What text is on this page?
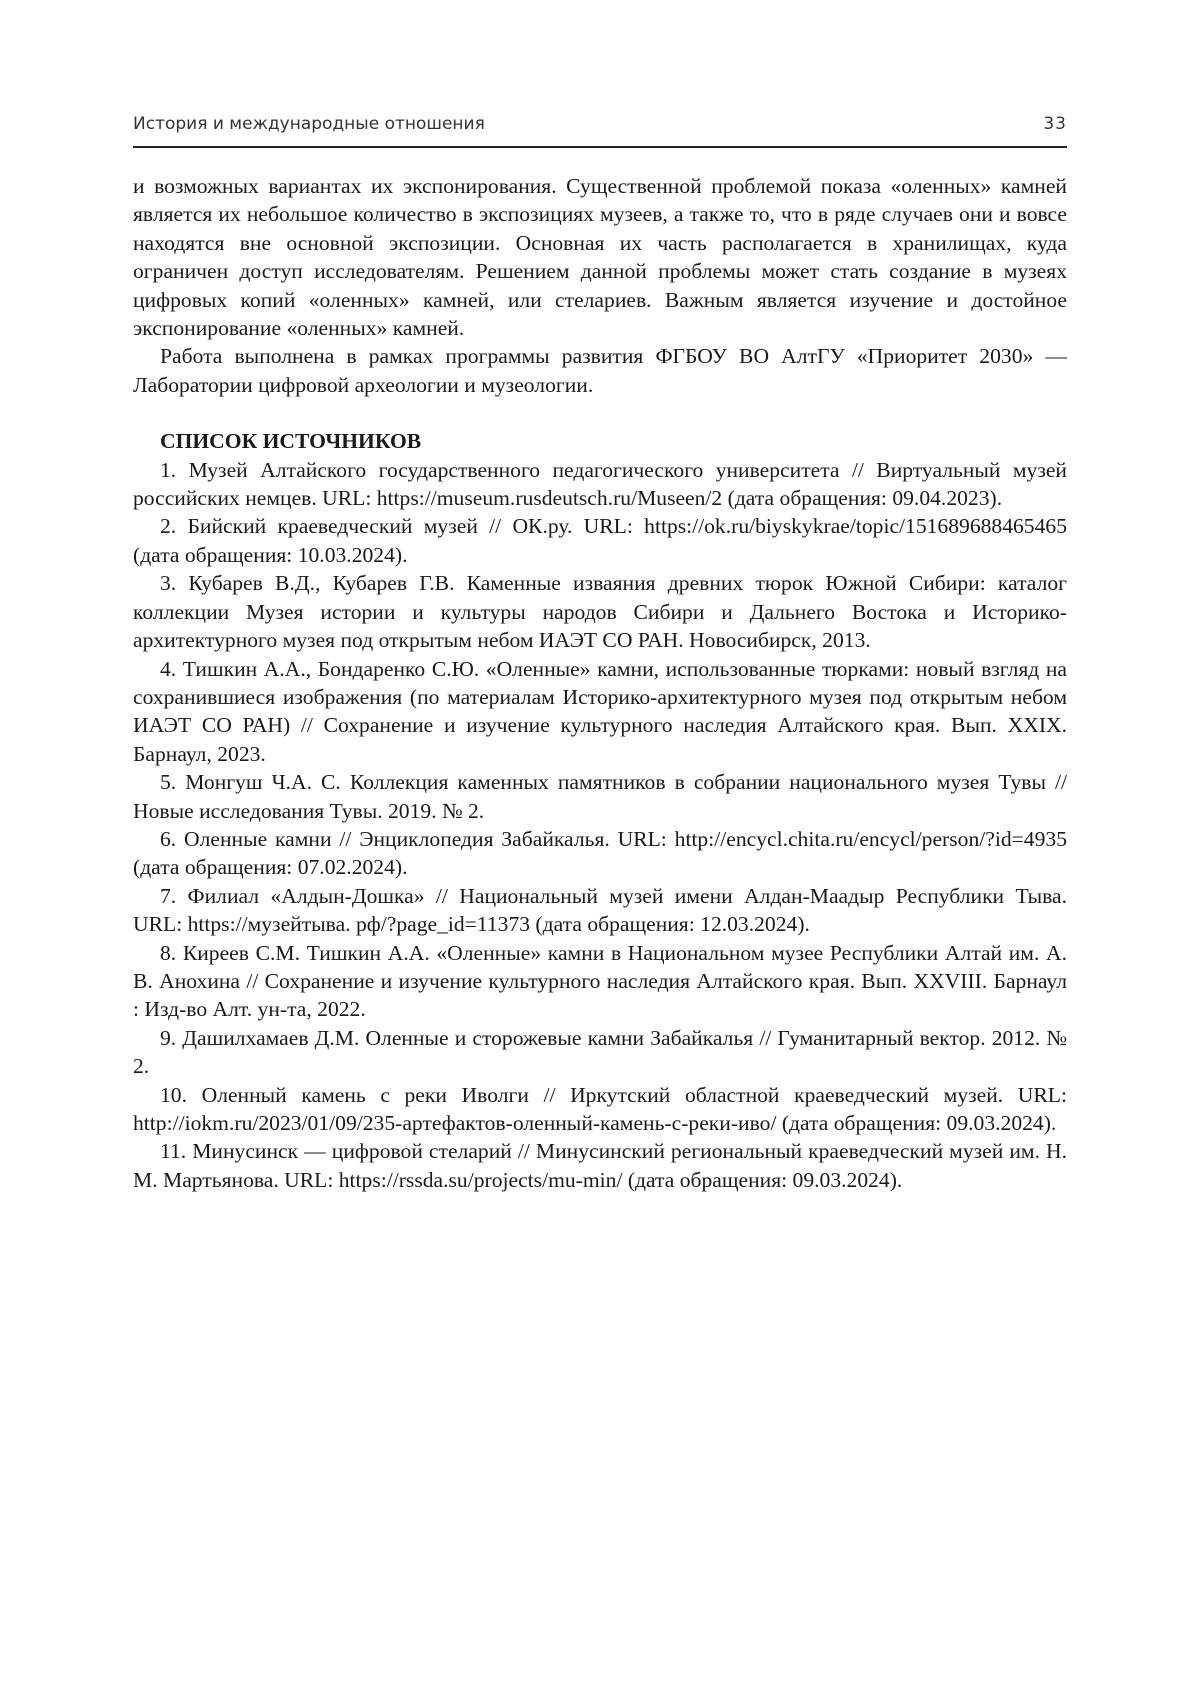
История и международные отношения	33

и возможных вариантах их экспонирования. Существенной проблемой показа «оленных» камней является их небольшое количество в экспозициях музеев, а также то, что в ряде случаев они и вовсе находятся вне основной экспозиции. Основная их часть располагается в хранилищах, куда ограничен доступ исследователям. Решением данной проблемы может стать создание в музеях цифровых копий «оленных» камней, или стелариев. Важным является изучение и достойное экспонирование «оленных» камней.

Работа выполнена в рамках программы развития ФГБОУ ВО АлтГУ «Приоритет 2030» — Лаборатории цифровой археологии и музеологии.

СПИСОК ИСТОЧНИКОВ

1. Музей Алтайского государственного педагогического университета // Виртуальный музей российских немцев. URL: https://museum.rusdeutsch.ru/Museen/2 (дата обращения: 09.04.2023).

2. Бийский краеведческий музей // ОК.ру. URL: https://ok.ru/biyskykrae/topic/151689688465465 (дата обращения: 10.03.2024).

3. Кубарев В.Д., Кубарев Г.В. Каменные изваяния древних тюрок Южной Сибири: каталог коллекции Музея истории и культуры народов Сибири и Дальнего Востока и Историко-архитектурного музея под открытым небом ИАЭТ СО РАН. Новосибирск, 2013.

4. Тишкин А.А., Бондаренко С.Ю. «Оленные» камни, использованные тюрками: новый взгляд на сохранившиеся изображения (по материалам Историко-архитектурного музея под открытым небом ИАЭТ СО РАН) // Сохранение и изучение культурного наследия Алтайского края. Вып. XXIX. Барнаул, 2023.

5. Монгуш Ч.А. С. Коллекция каменных памятников в собрании национального музея Тувы // Новые исследования Тувы. 2019. № 2.

6. Оленные камни // Энциклопедия Забайкалья. URL: http://encycl.chita.ru/encycl/person/?id=4935 (дата обращения: 07.02.2024).

7. Филиал «Алдын-Дошка» // Национальный музей имени Алдан-Маадыр Республики Тыва. URL: https://музейтыва. рф/?page_id=11373 (дата обращения: 12.03.2024).

8. Киреев С.М. Тишкин А.А. «Оленные» камни в Национальном музее Республики Алтай им. А. В. Анохина // Сохранение и изучение культурного наследия Алтайского края. Вып. XXVIII. Барнаул : Изд-во Алт. ун-та, 2022.

9. Дашилхамаев Д.М. Оленные и сторожевые камни Забайкалья // Гуманитарный вектор. 2012. № 2.

10. Оленный камень с реки Иволги // Иркутский областной краеведческий музей. URL: http://iokm.ru/2023/01/09/235-артефактов-оленный-камень-с-реки-иво/ (дата обращения: 09.03.2024).

11. Минусинск — цифровой стеларий // Минусинский региональный краеведческий музей им. Н. М. Мартьянова. URL: https://rssda.su/projects/mu-min/ (дата обращения: 09.03.2024).
